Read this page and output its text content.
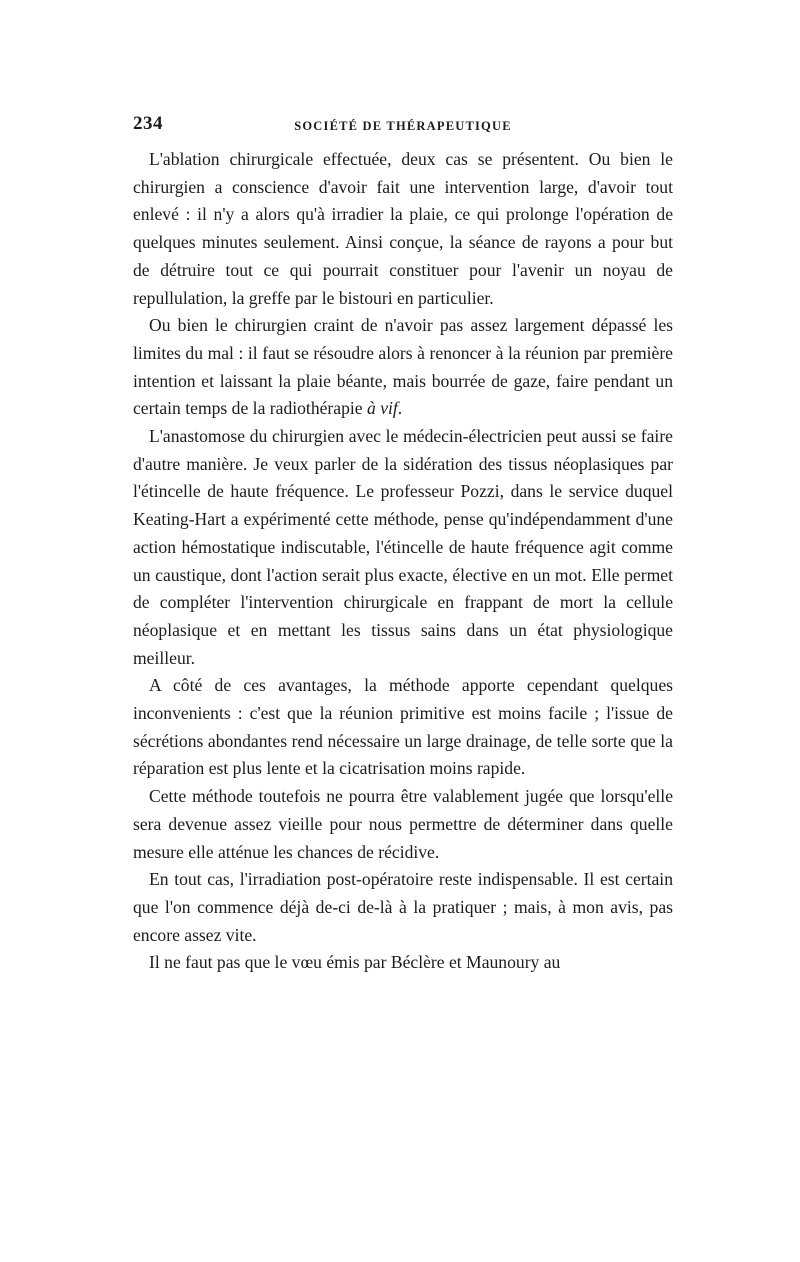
234	SOCIÉTÉ DE THÉRAPEUTIQUE

L'ablation chirurgicale effectuée, deux cas se présentent. Ou bien le chirurgien a conscience d'avoir fait une intervention large, d'avoir tout enlevé : il n'y a alors qu'à irradier la plaie, ce qui prolonge l'opération de quelques minutes seulement. Ainsi conçue, la séance de rayons a pour but de détruire tout ce qui pourrait constituer pour l'avenir un noyau de repullulation, la greffe par le bistouri en particulier.

Ou bien le chirurgien craint de n'avoir pas assez largement dépassé les limites du mal : il faut se résoudre alors à renoncer à la réunion par première intention et laissant la plaie béante, mais bourrée de gaze, faire pendant un certain temps de la radiothérapie à vif.

L'anastomose du chirurgien avec le médecin-électricien peut aussi se faire d'autre manière. Je veux parler de la sidération des tissus néoplasiques par l'étincelle de haute fréquence. Le professeur Pozzi, dans le service duquel Keating-Hart a expérimenté cette méthode, pense qu'indépendamment d'une action hémostatique indiscutable, l'étincelle de haute fréquence agit comme un caustique, dont l'action serait plus exacte, élective en un mot. Elle permet de compléter l'intervention chirurgicale en frappant de mort la cellule néoplasique et en mettant les tissus sains dans un état physiologique meilleur.

A côté de ces avantages, la méthode apporte cependant quelques inconvenients : c'est que la réunion primitive est moins facile ; l'issue de sécrétions abondantes rend nécessaire un large drainage, de telle sorte que la réparation est plus lente et la cicatrisation moins rapide.

Cette méthode toutefois ne pourra être valablement jugée que lorsqu'elle sera devenue assez vieille pour nous permettre de déterminer dans quelle mesure elle atténue les chances de récidive.

En tout cas, l'irradiation post-opératoire reste indispensable. Il est certain que l'on commence déjà de-ci de-là à la pratiquer ; mais, à mon avis, pas encore assez vite.

Il ne faut pas que le vœu émis par Béclère et Maunoury au
